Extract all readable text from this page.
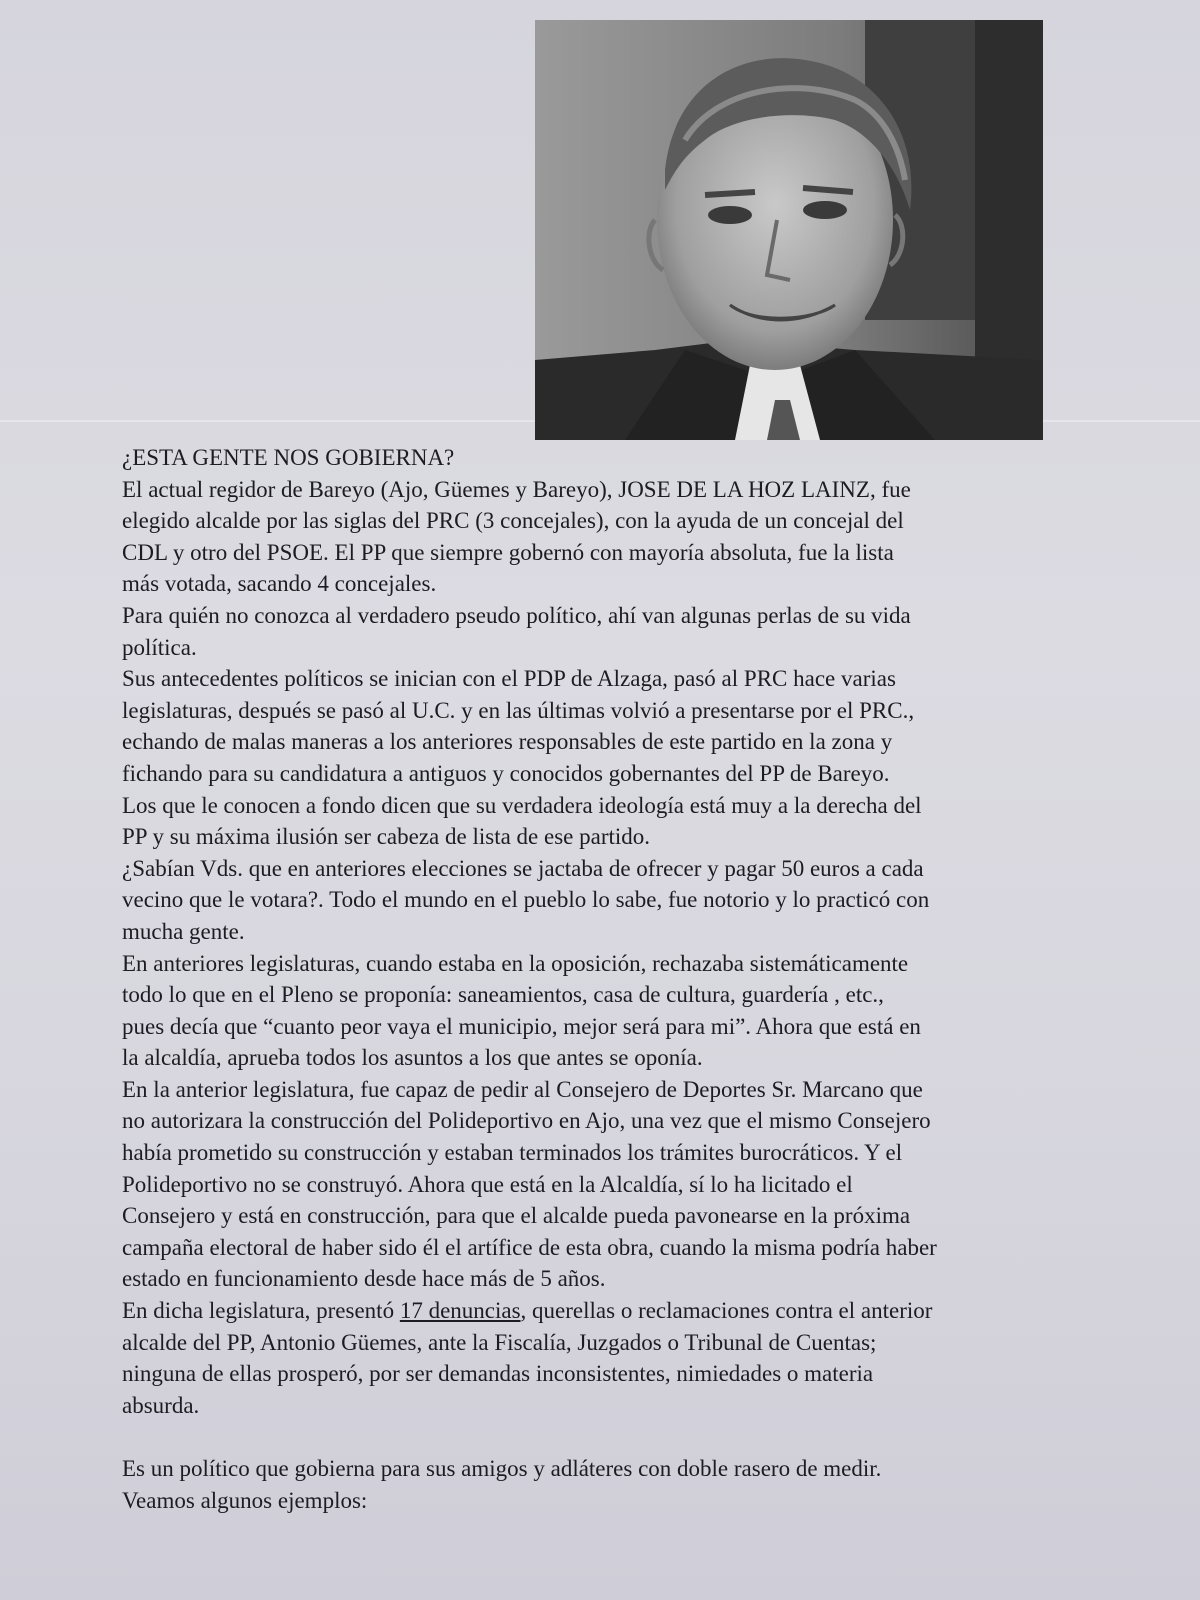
¿ESTA GENTE NOS GOBIERNA?

El actual regidor de Bareyo (Ajo, Güemes y Bareyo), JOSE DE LA HOZ LAINZ, fue

elegido alcalde por las siglas del PRC (3 concejales), con la ayuda de un concejal del

CDL y otro del PSOE. El PP que siempre gobernó con mayoría absoluta, fue la lista

más votada, sacando 4 concejales.

Para quién no conozca al verdadero pseudo político, ahí van algunas perlas de su vida

política.

Sus antecedentes políticos se inician con el PDP de Alzaga, pasó al PRC hace varias

legislaturas, después se pasó al U.C. y en las últimas volvió a presentarse por el PRC.,

echando de malas maneras a los anteriores responsables de este partido en la zona y

fichando para su candidatura a antiguos y conocidos gobernantes del PP de Bareyo.

Los que le conocen a fondo dicen que su verdadera ideología está muy a la derecha del

PP y su máxima ilusión ser cabeza de lista de ese partido.

¿Sabían Vds. que en anteriores elecciones se jactaba de ofrecer y pagar 50 euros a cada

vecino que le votara?. Todo el mundo en el pueblo lo sabe, fue notorio y lo practicó con

mucha gente.

En anteriores legislaturas, cuando estaba en la oposición, rechazaba sistemáticamente

todo lo que en el Pleno se proponía: saneamientos, casa de cultura, guardería , etc.,

pues decía que “cuanto peor vaya el municipio, mejor será para mi”. Ahora que está en

la alcaldía, aprueba todos los asuntos a los que antes se oponía.

En la anterior legislatura, fue capaz de pedir al Consejero de Deportes Sr. Marcano que

no autorizara la construcción del Polideportivo en Ajo, una vez que el mismo Consejero

había prometido su construcción y estaban terminados los trámites burocráticos. Y el

Polideportivo no se construyó. Ahora que está en la Alcaldía, sí lo ha licitado el

Consejero y está en construcción, para que el alcalde pueda pavonearse en la próxima

campaña electoral de haber sido él el artífice de esta obra, cuando la misma podría haber

estado en funcionamiento desde hace más de 5 años.

En dicha legislatura, presentó 17 denuncias, querellas o reclamaciones contra el anterior

alcalde del PP, Antonio Güemes, ante la Fiscalía, Juzgados o Tribunal de Cuentas;

ninguna de ellas prosperó, por ser demandas inconsistentes, nimiedades o materia

absurda.

Es un político que gobierna para sus amigos y adláteres con doble rasero de medir.

Veamos algunos ejemplos:
